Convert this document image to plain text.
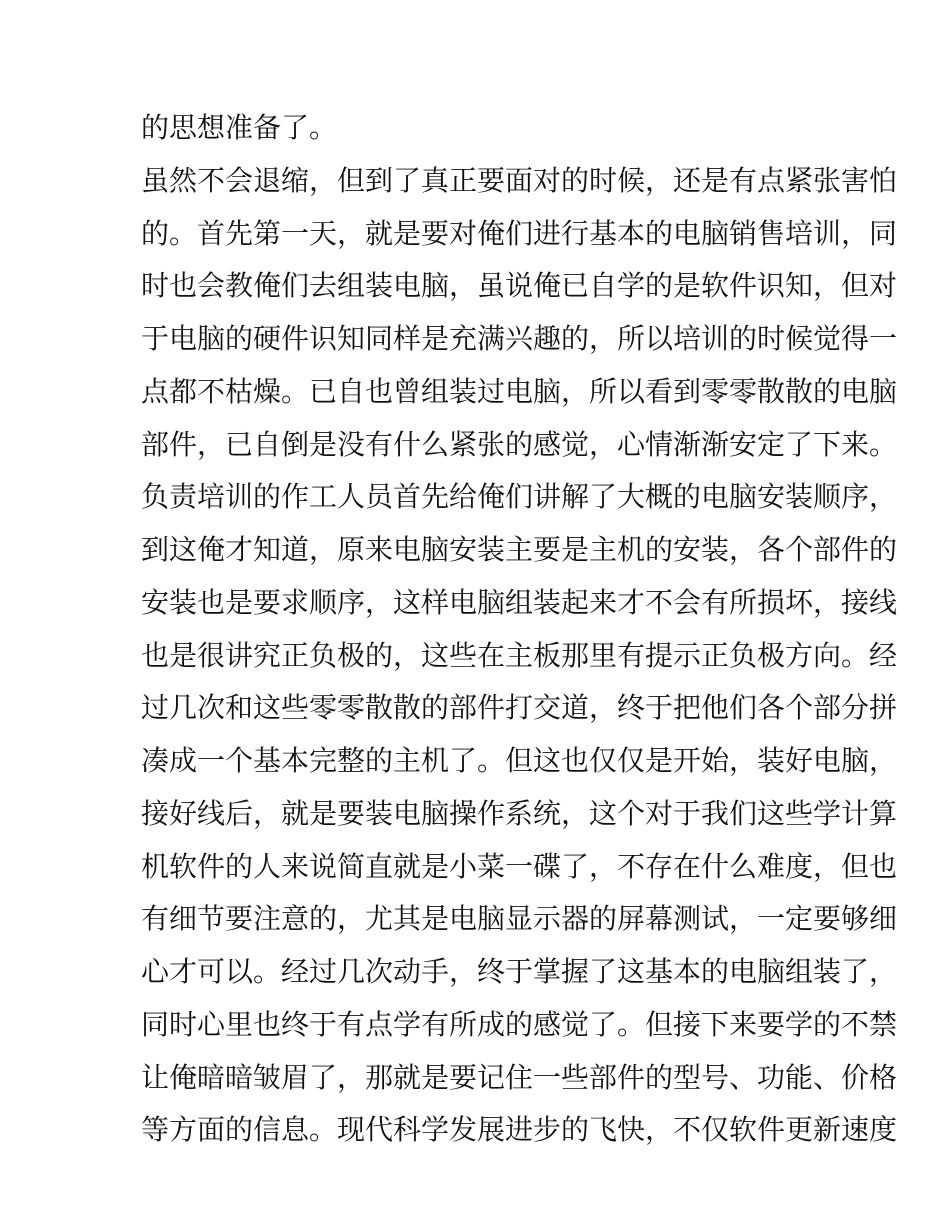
的思想准备了。
虽然不会退缩，但到了真正要面对的时候，还是有点紧张害怕
的。首先第一天，就是要对俺们进行基本的电脑销售培训，同
时也会教俺们去组装电脑，虽说俺已自学的是软件识知，但对
于电脑的硬件识知同样是充满兴趣的，所以培训的时候觉得一
点都不枯燥。已自也曾组装过电脑，所以看到零零散散的电脑
部件，已自倒是没有什么紧张的感觉，心情渐渐安定了下来。
负责培训的作工人员首先给俺们讲解了大概的电脑安装顺序，
到这俺才知道，原来电脑安装主要是主机的安装，各个部件的
安装也是要求顺序，这样电脑组装起来才不会有所损坏，接线
也是很讲究正负极的，这些在主板那里有提示正负极方向。经
过几次和这些零零散散的部件打交道，终于把他们各个部分拼
凑成一个基本完整的主机了。但这也仅仅是开始，装好电脑，
接好线后，就是要装电脑操作系统，这个对于我们这些学计算
机软件的人来说简直就是小菜一碟了，不存在什么难度，但也
有细节要注意的，尤其是电脑显示器的屏幕测试，一定要够细
心才可以。经过几次动手，终于掌握了这基本的电脑组装了，
同时心里也终于有点学有所成的感觉了。但接下来要学的不禁
让俺暗暗皱眉了，那就是要记住一些部件的型号、功能、价格
等方面的信息。现代科学发展进步的飞快，不仅软件更新速度
